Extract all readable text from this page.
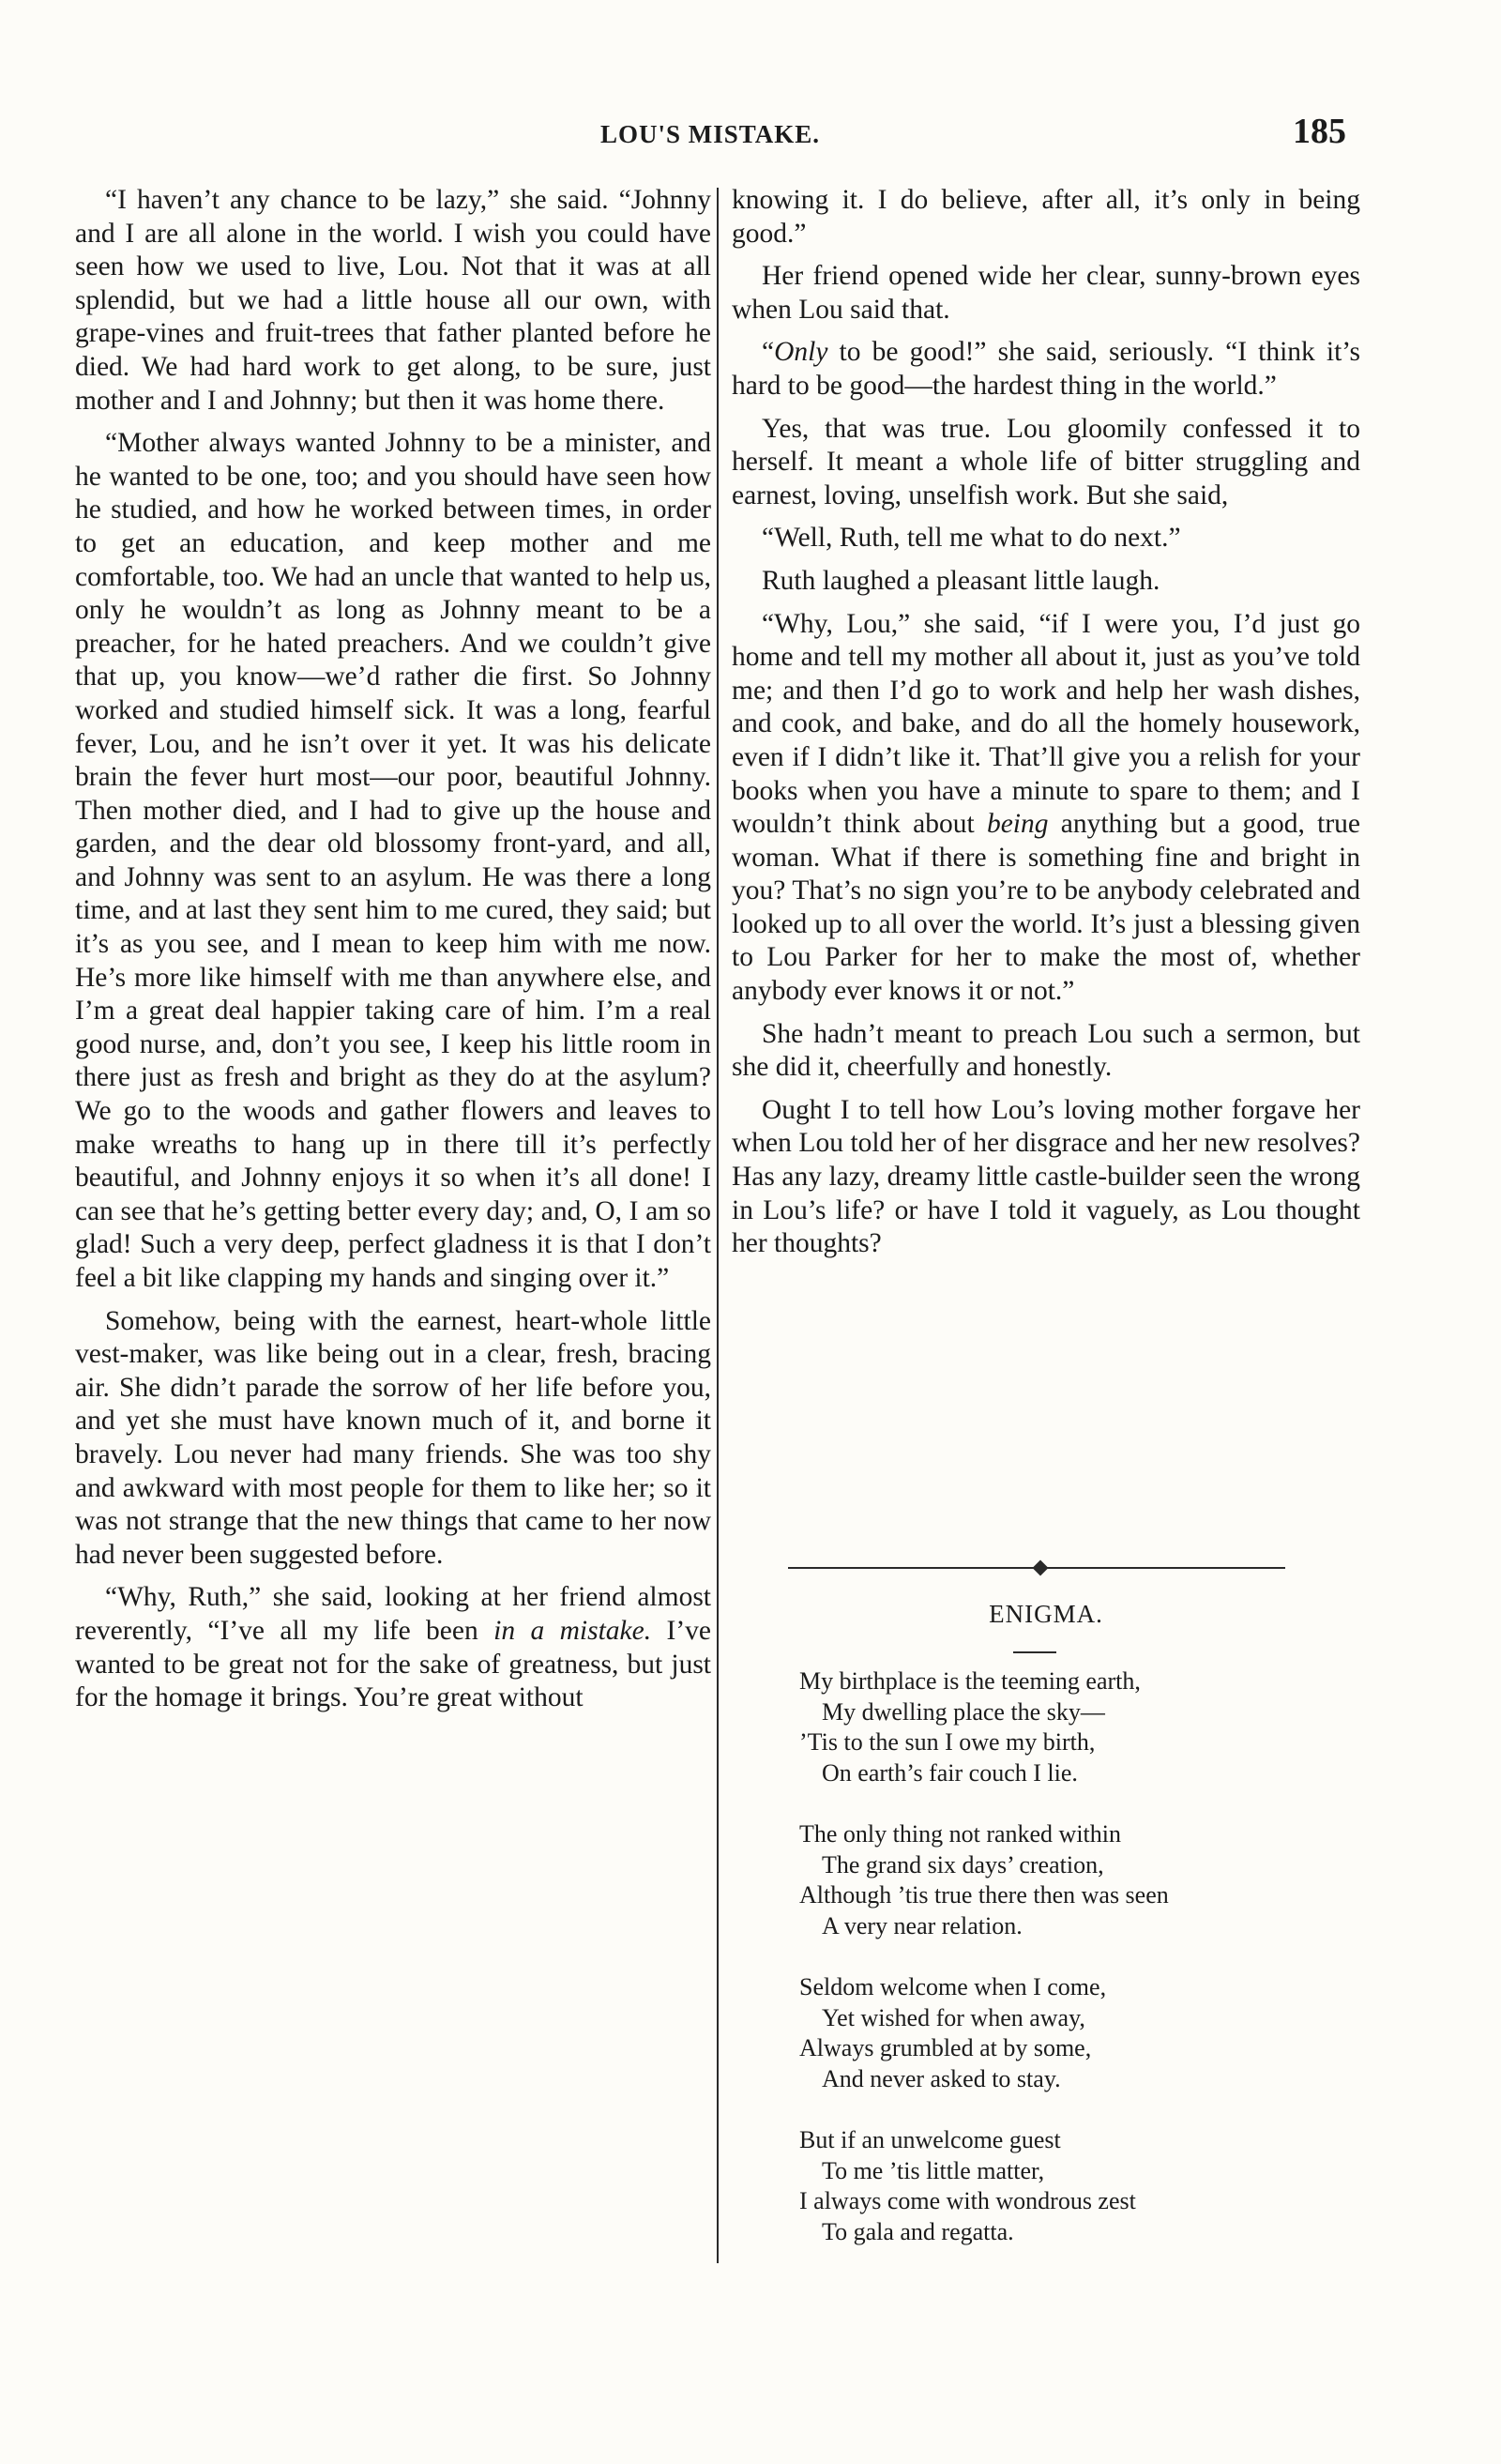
LOU'S MISTAKE.	185

“I haven’t any chance to be lazy,” she said. “Johnny and I are all alone in the world. I wish you could have seen how we used to live, Lou. Not that it was at all splendid, but we had a little house all our own, with grape-vines and fruit-trees that father planted before he died. We had hard work to get along, to be sure, just mother and I and Johnny; but then it was home there.

“Mother always wanted Johnny to be a minister, and he wanted to be one, too; and you should have seen how he studied, and how he worked between times, in order to get an education, and keep mother and me comfortable, too. We had an uncle that wanted to help us, only he wouldn’t as long as Johnny meant to be a preacher, for he hated preachers. And we couldn’t give that up, you know—we’d rather die first. So Johnny worked and studied himself sick. It was a long, fearful fever, Lou, and he isn’t over it yet. It was his delicate brain the fever hurt most—our poor, beautiful Johnny. Then mother died, and I had to give up the house and garden, and the dear old blossomy front-yard, and all, and Johnny was sent to an asylum. He was there a long time, and at last they sent him to me cured, they said; but it’s as you see, and I mean to keep him with me now. He’s more like himself with me than anywhere else, and I’m a great deal happier taking care of him. I’m a real good nurse, and, don’t you see, I keep his little room in there just as fresh and bright as they do at the asylum? We go to the woods and gather flowers and leaves to make wreaths to hang up in there till it’s perfectly beautiful, and Johnny enjoys it so when it’s all done! I can see that he’s getting better every day; and, O, I am so glad! Such a very deep, perfect gladness it is that I don’t feel a bit like clapping my hands and singing over it.”

Somehow, being with the earnest, heart-whole little vest-maker, was like being out in a clear, fresh, bracing air. She didn’t parade the sorrow of her life before you, and yet she must have known much of it, and borne it bravely. Lou never had many friends. She was too shy and awkward with most people for them to like her; so it was not strange that the new things that came to her now had never been suggested before.

“Why, Ruth,” she said, looking at her friend almost reverently, “I’ve all my life been in a mistake. I’ve wanted to be great not for the sake of greatness, but just for the homage it brings. You’re great without

knowing it. I do believe, after all, it’s only in being good.”

Her friend opened wide her clear, sunny-brown eyes when Lou said that.

“Only to be good!” she said, seriously. “I think it’s hard to be good—the hardest thing in the world.”

Yes, that was true. Lou gloomily confessed it to herself. It meant a whole life of bitter struggling and earnest, loving, unselfish work. But she said,

“Well, Ruth, tell me what to do next.”

Ruth laughed a pleasant little laugh.

“Why, Lou,” she said, “if I were you, I’d just go home and tell my mother all about it, just as you’ve told me; and then I’d go to work and help her wash dishes, and cook, and bake, and do all the homely housework, even if I didn’t like it. That’ll give you a relish for your books when you have a minute to spare to them; and I wouldn’t think about being anything but a good, true woman. What if there is something fine and bright in you? That’s no sign you’re to be anybody celebrated and looked up to all over the world. It’s just a blessing given to Lou Parker for her to make the most of, whether anybody ever knows it or not.”

She hadn’t meant to preach Lou such a sermon, but she did it, cheerfully and honestly.

Ought I to tell how Lou’s loving mother forgave her when Lou told her of her disgrace and her new resolves? Has any lazy, dreamy little castle-builder seen the wrong in Lou’s life? or have I told it vaguely, as Lou thought her thoughts?

ENIGMA.
My birthplace is the teeming earth,
My dwelling place the sky—
’Tis to the sun I owe my birth,
On earth’s fair couch I lie.
The only thing not ranked within
The grand six days’ creation,
Although ’tis true there then was seen
A very near relation.
Seldom welcome when I come,
Yet wished for when away,
Always grumbled at by some,
And never asked to stay.
But if an unwelcome guest
To me ’tis little matter,
I always come with wondrous zest
To gala and regatta.
